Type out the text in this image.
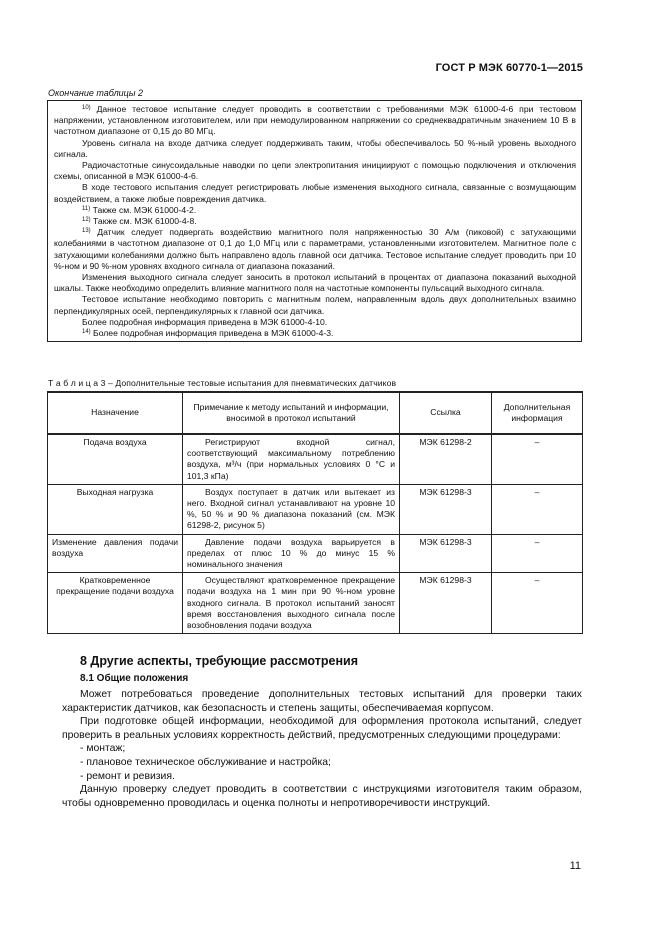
ГОСТ Р МЭК 60770-1—2015
Окончание таблицы 2

$^{10)}$ Данное тестовое испытание следует проводить в соответствии с требованиями МЭК 61000-4-6 при тестовом напряжении, установленном изготовителем, или при немодулированном напряжении со среднеквадратичным значением 10 В в частотном диапазоне от 0,15 до 80 МГц.

Уровень сигнала на входе датчика следует поддерживать таким, чтобы обеспечивалось 50 %-ный уровень выходного сигнала.

Радиочастотные синусоидальные наводки по цепи электропитания инициируют с помощью подключения и отключения схемы, описанной в МЭК 61000-4-6.

В ходе тестового испытания следует регистрировать любые изменения выходного сигнала, связанные с возмущающим воздействием, а также любые повреждения датчика.

$^{11)}$ Также см. МЭК 61000-4-2.

$^{12)}$ Также см. МЭК 61000-4-8.

$^{13)}$ Датчик следует подвергать воздействию магнитного поля напряженностью 30 А/м (пиковой) с затухающими колебаниями в частотном диапазоне от 0,1 до 1,0 МГц или с параметрами, установленными изготовителем. Магнитное поле с затухающими колебаниями должно быть направлено вдоль главной оси датчика. Тестовое испытание следует проводить при 10 %-ном и 90 %-ном уровнях входного сигнала от диапазона показаний.

Изменения выходного сигнала следует заносить в протокол испытаний в процентах от диапазона показаний выходной шкалы. Также необходимо определить влияние магнитного поля на частотные компоненты пульсаций выходного сигнала.

Тестовое испытание необходимо повторить с магнитным полем, направленным вдоль двух дополнительных взаимно перпендикулярных осей, перпендикулярных к главной оси датчика.

Более подробная информация приведена в МЭК 61000-4-10.

$^{14)}$ Более подробная информация приведена в МЭК 61000-4-3.

Т а б л и ц а 3 – Дополнительные тестовые испытания для пневматических датчиков
Назначение	Примечание к методу испытаний и информации, вносимой в протокол испытаний	Ссылка	Дополнительная информация
Подача воздуха	Регистрируют входной сигнал, соответствующий максимальному потреблению воздуха, м³/ч (при нормальных условиях 0 °С и 101,3 кПа)	МЭК 61298-2	–
Выходная нагрузка	Воздух поступает в датчик или вытекает из него. Входной сигнал устанавливают на уровне 10 %, 50 % и 90 % диапазона показаний (см. МЭК 61298-2, рисунок 5)	МЭК 61298-3	–
Изменение давления подачи воздуха	Давление подачи воздуха варьируется в пределах от плюс 10 % до минус 15 % номинального значения	МЭК 61298-3	–
Кратковременное прекращение подачи воздуха	Осуществляют кратковременное прекращение подачи воздуха на 1 мин при 90 %-ном уровне входного сигнала. В протокол испытаний заносят время восстановления выходного сигнала после возобновления подачи воздуха	МЭК 61298-3	–
8 Другие аспекты, требующие рассмотрения
8.1 Общие положения

Может потребоваться проведение дополнительных тестовых испытаний для проверки таких характеристик датчиков, как безопасность и степень защиты, обеспечиваемая корпусом.

При подготовке общей информации, необходимой для оформления протокола испытаний, следует проверить в реальных условиях корректность действий, предусмотренных следующими процедурами:

- монтаж;

- плановое техническое обслуживание и настройка;

- ремонт и ревизия.

Данную проверку следует проводить в соответствии с инструкциями изготовителя таким образом, чтобы одновременно проводилась и оценка полноты и непротиворечивости инструкций.

11
